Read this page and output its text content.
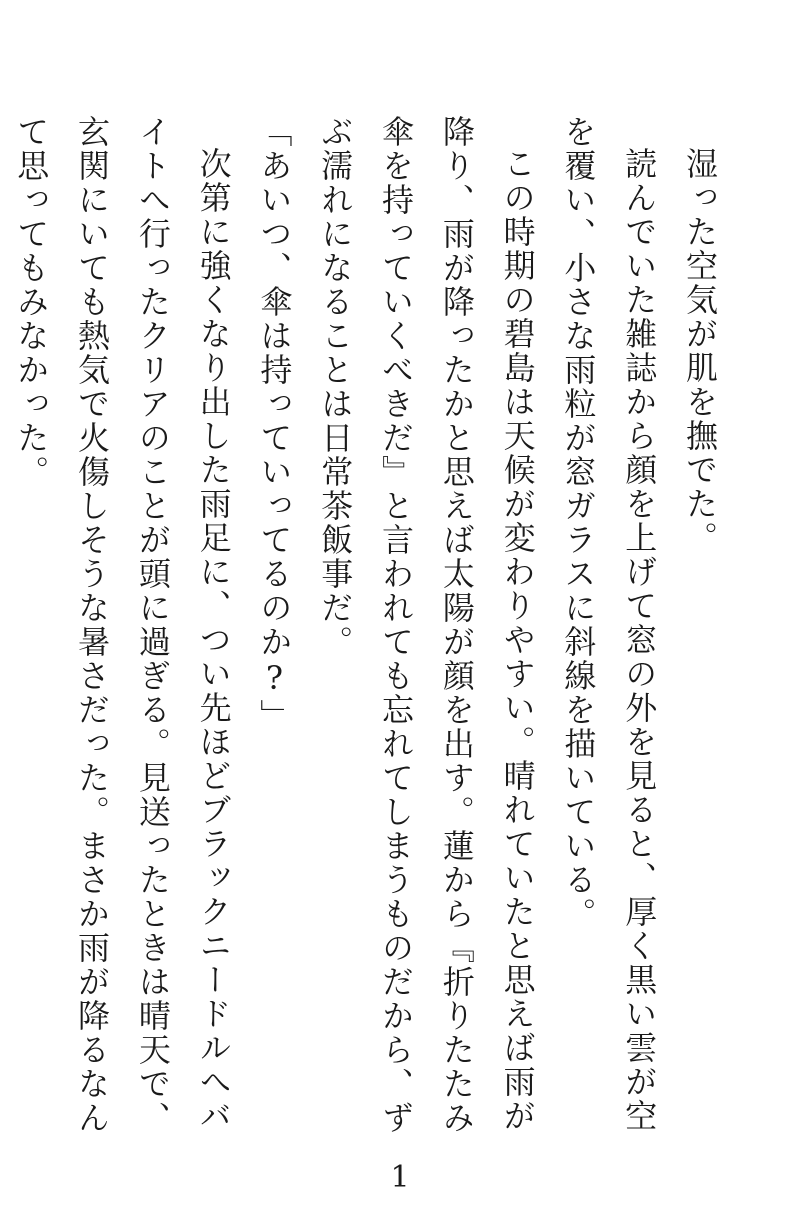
湿った空気が肌を撫でた。

読んでいた雑誌から顔を上げて窓の外を見ると、厚く黒い雲が空を覆い、小さな雨粒が窓ガラスに斜線を描いている。

この時期の碧島は天候が変わりやすい。晴れていたと思えば雨が降り、雨が降ったかと思えば太陽が顔を出す。蓮から『折りたたみ傘を持っていくべきだ』と言われても忘れてしまうものだから、ずぶ濡れになることは日常茶飯事だ。

「あいつ、傘は持っていってるのか?」

次第に強くなり出した雨足に、つい先ほどブラックニードルへバイトへ行ったクリアのことが頭に過ぎる。見送ったときは晴天で、玄関にいても熱気で火傷しそうな暑さだった。まさか雨が降るなんて思ってもみなかった。

1
